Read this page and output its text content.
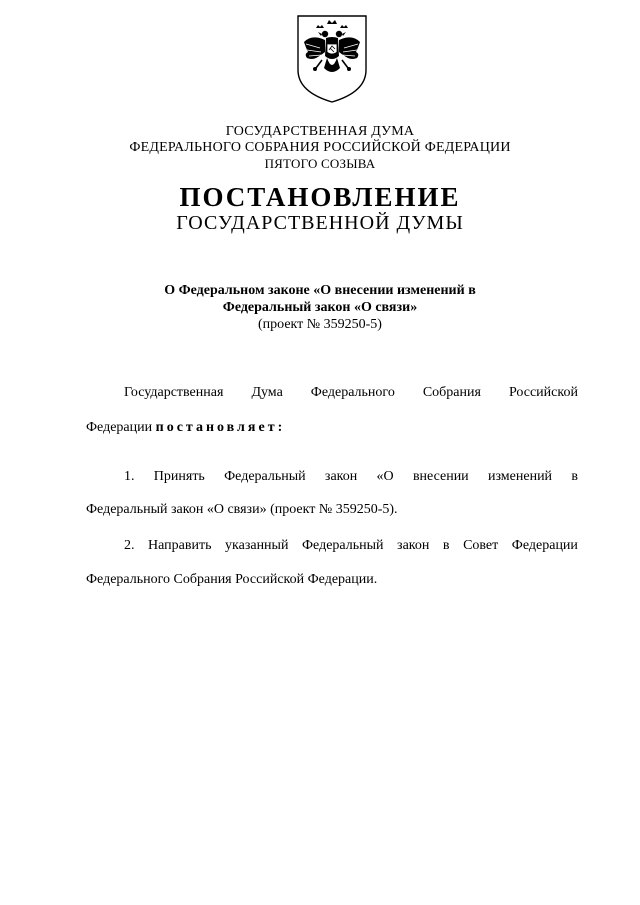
ГОСУДАРСТВЕННАЯ ДУМА
ФЕДЕРАЛЬНОГО СОБРАНИЯ РОССИЙСКОЙ ФЕДЕРАЦИИ
ПЯТОГО СОЗЫВА
ПОСТАНОВЛЕНИЕ
ГОСУДАРСТВЕННОЙ ДУМЫ
О Федеральном законе «О внесении изменений в
Федеральный закон «О связи»
(проект № 359250-5)
Государственная Дума Федерального Собрания Российской
Федерации постановляет:
1. Принять Федеральный закон «О внесении изменений в
Федеральный закон «О связи» (проект № 359250-5).
2. Направить указанный Федеральный закон в Совет Федерации
Федерального Собрания Российской Федерации.
